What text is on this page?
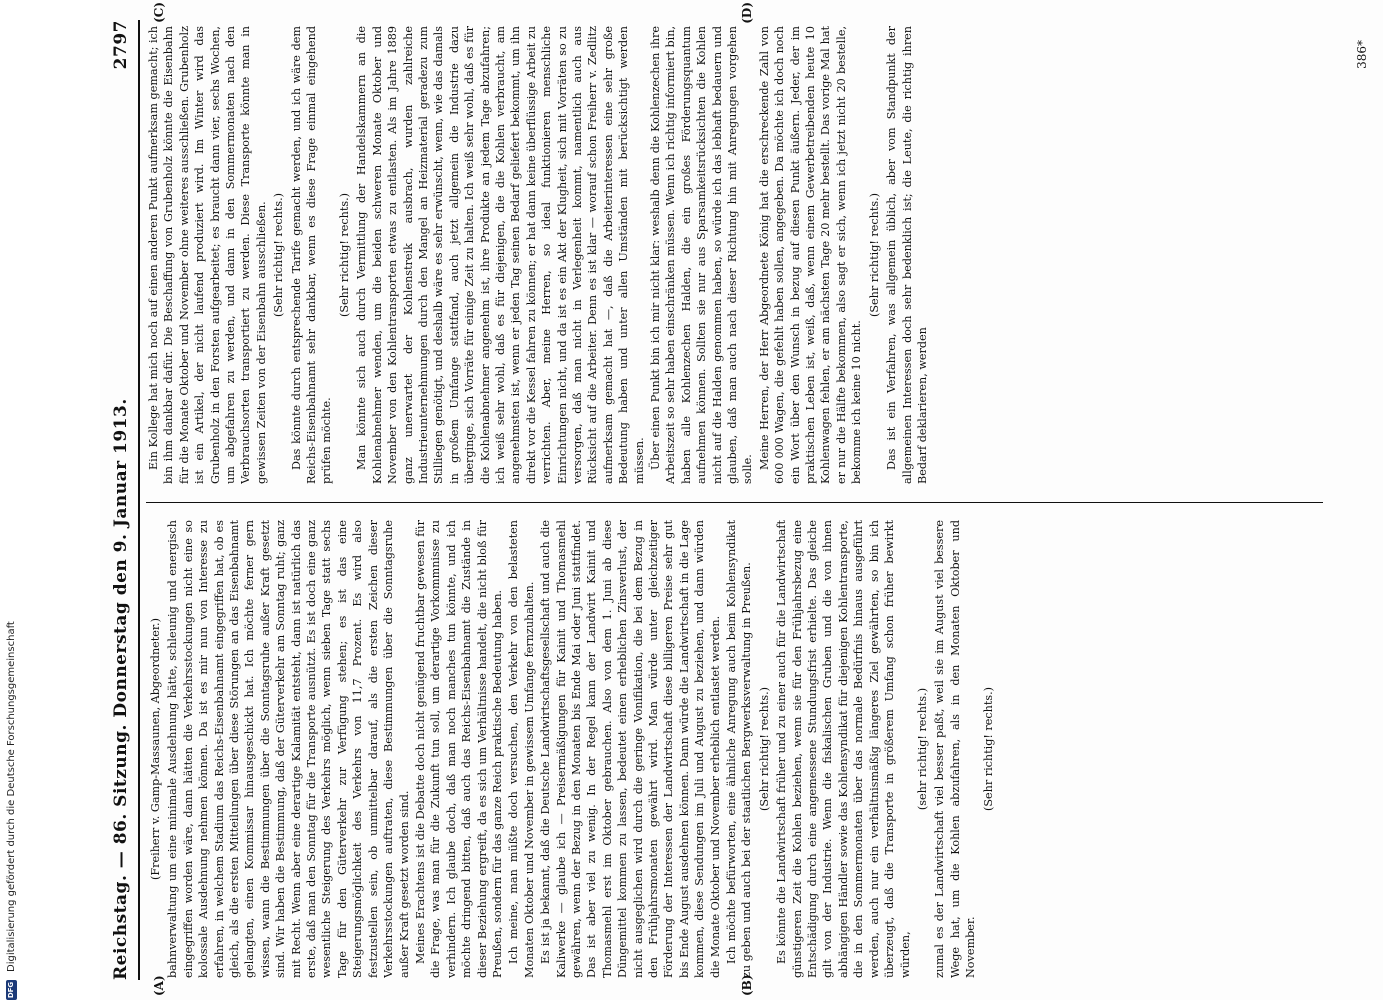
DFG
Digitalisierung gefördert durch die Deutsche Forschungsgemeinschaft	Reichstag. — 86. Sitzung. Donnerstag den 9. Januar 1913.
2797
(A)	(B)
(C)	(D)

(Freiherr v. Gamp-Massaunen, Abgeordneter.) bahnverwaltung um eine minimale Ausdehnung hätte, schleunig und energisch eingegriffen worden wäre, dann hätten die Verkehrsstockungen nicht eine so kolossale Ausdehnung nehmen können. Da ist es mir nun von Interesse zu erfahren, in welchem Stadium das Reichs-Eisenbahnamt eingegriffen hat, ob es gleich, als die ersten Mitteilungen über diese Störungen an das Eisenbahnamt gelangten, einen Kommissar hinausgeschickt hat. Ich möchte ferner gern wissen, wann die Bestimmungen über die Sonntagsruhe außer Kraft gesetzt sind. Wir haben die Bestimmung, daß der Güterverkehr am Sonntag ruht; ganz mit Recht. Wenn aber eine derartige Kalamität entsteht, dann ist natürlich das erste, daß man den Sonntag für die Transporte ausnützt. Es ist doch eine ganz wesentliche Steigerung des Verkehrs möglich, wenn sieben Tage statt sechs Tage für den Güterverkehr zur Verfügung stehen; es ist das eine Steigerungsmöglichkeit des Verkehrs von 11,7 Prozent. Es wird also festzustellen sein, ob unmittelbar darauf, als die ersten Zeichen dieser Verkehrsstockungen auftraten, diese Bestimmungen über die Sonntagsruhe außer Kraft gesetzt worden sind. Meines Erachtens ist die Debatte doch nicht genügend fruchtbar gewesen für die Frage, was man für die Zukunft tun soll, um derartige Vorkommnisse zu verhindern. Ich glaube doch, daß man noch manches tun könnte, und ich möchte dringend bitten, daß auch das Reichs-Eisenbahnamt die Zustände in dieser Beziehung ergreift, da es sich um Verhältnisse handelt, die nicht bloß für Preußen, sondern für das ganze Reich praktische Bedeutung haben. Ich meine, man müßte doch versuchen, den Verkehr von den belasteten Monaten Oktober und November in gewissem Umfange fernzuhalten. Es ist ja bekannt, daß die Deutsche Landwirtschaftsgesellschaft und auch die Kaliwerke — glaube ich — Preisermäßigungen für Kainit und Thomasmehl gewähren, wenn der Bezug in den Monaten bis Ende Mai oder Juni stattfindet. Das ist aber viel zu wenig. In der Regel kann der Landwirt Kainit und Thomasmehl erst im Oktober gebrauchen. Also von dem 1. Juni ab diese Düngemittel kommen zu lassen, bedeutet einen erheblichen Zinsverlust, der nicht ausgeglichen wird durch die geringe Vonifikation, die bei dem Bezug in den Frühjahrsmonaten gewährt wird. Man würde unter gleichzeitiger Förderung der Interessen der Landwirtschaft diese billigeren Preise sehr gut bis Ende August ausdehnen können. Dann würde die Landwirtschaft in die Lage kommen, diese Sendungen im Juli und August zu beziehen, und dann würden die Monate Oktober und November erheblich entlastet werden. Ich möchte befürworten, eine ähnliche Anregung auch beim Kohlensyndikat zu geben und auch bei der staatlichen Bergwerksverwaltung in Preußen. (Sehr richtig! rechts.) Es könnte die Landwirtschaft früher und zu einer auch für die Landwirtschaft günstigeren Zeit die Kohlen beziehen, wenn sie für den Frühjahrsbezug eine Entschädigung durch eine angemessene Stundungsfrist erhielte. Das gleiche gilt von der Industrie. Wenn die fiskalischen Gruben und die von ihnen abhängigen Händler sowie das Kohlensyndikat für diejenigen Kohlentransporte, die in den Sommermonaten über das normale Bedürfnis hinaus ausgeführt werden, auch nur ein verhältnismäßig längeres Ziel gewährten, so bin ich überzeugt, daß die Transporte in größerem Umfang schon früher bewirkt würden,

(sehr richtig! rechts.) zumal es der Landwirtschaft viel besser paßt, weil sie im August viel bessere Wege hat, um die Kohlen abzufahren, als in den Monaten Oktober und November.

(Sehr richtig! rechts.)

Ein Kollege hat mich noch auf einen anderen Punkt aufmerksam gemacht; ich bin ihm dankbar dafür. Die Beschaffung von Grubenholz könnte die Eisenbahn für die Monate Oktober und November ohne weiteres ausschließen. Grubenholz ist ein Artikel, der nicht laufend produziert wird. Im Winter wird das Grubenholz in den Forsten aufgearbeitet; es braucht dann vier, sechs Wochen, um abgefahren zu werden, und dann in den Sommermonaten nach den Verbrauchsorten transportiert zu werden. Diese Transporte könnte man in gewissen Zeiten von der Eisenbahn ausschließen. (Sehr richtig! rechts.) Das könnte durch entsprechende Tarife gemacht werden, und ich wäre dem Reichs-Eisenbahnamt sehr dankbar, wenn es diese Frage einmal eingehend prüfen möchte.

(Sehr richtig! rechts.) Man könnte sich auch durch Vermittlung der Handelskammern an die Kohlenabnehmer wenden, um die beiden schweren Monate Oktober und November von den Kohlentransporten etwas zu entlasten. Als im Jahre 1889 ganz unerwartet der Kohlenstreik ausbrach, wurden zahlreiche Industrieunternehmungen durch den Mangel an Heizmaterial geradezu zum Stilliegen genötigt, und deshalb wäre es sehr erwünscht, wenn, wie das damals in großem Umfange stattfand, auch jetzt allgemein die Industrie dazu überginge, sich Vorräte für einige Zeit zu halten. Ich weiß sehr wohl, daß es für die Kohlenabnehmer angenehm ist, ihre Produkte an jedem Tage abzufahren; ich weiß sehr wohl, daß es für diejenigen, die die Kohlen verbraucht, am angenehmsten ist, wenn er jeden Tag seinen Bedarf geliefert bekommt, um ihn direkt vor die Kessel fahren zu können; er hat dann keine überflüssige Arbeit zu verrichten. Aber, meine Herren, so ideal funktionieren menschliche Einrichtungen nicht, und da ist es ein Akt der Klugheit, sich mit Vorräten so zu versorgen, daß man nicht in Verlegenheit kommt, namentlich auch aus Rücksicht auf die Arbeiter. Denn es ist klar — worauf schon Freiherr v. Zedlitz aufmerksam gemacht hat —, daß die Arbeiterinteressen eine sehr große Bedeutung haben und unter allen Umständen mit berücksichtigt werden müssen. Über einen Punkt bin ich mir nicht klar: weshalb denn die Kohlenzechen ihre Arbeitszeit so sehr haben einschränken müssen. Wenn ich richtig informiert bin, haben alle Kohlenzechen Halden, die ein großes Förderungsquantum aufnehmen können. Sollten sie nur aus Sparsamkeitsrücksichten die Kohlen nicht auf die Halden genommen haben, so würde ich das lebhaft bedauern und glauben, daß man auch nach dieser Richtung hin mit Anregungen vorgehen solle. Meine Herren, der Herr Abgeordnete König hat die erschreckende Zahl von 600 000 Wagen, die gefehlt haben sollen, angegeben. Da möchte ich doch noch ein Wort über den Wunsch in bezug auf diesen Punkt äußern. Jeder, der im praktischen Leben ist, weiß, daß, wenn einem Gewerbetreibenden heute 10 Kohlenwagen fehlen, er am nächsten Tage 20 mehr bestellt. Das vorige Mal hat er nur die Hälfte bekommen, also sagt er sich, wenn ich jetzt nicht 20 bestelle, bekomme ich keine 10 nicht.

(Sehr richtig! rechts.) Das ist ein Verfahren, was allgemein üblich, aber vom Standpunkt der allgemeinen Interessen doch sehr bedenklich ist; die Leute, die richtig ihren Bedarf deklarieren, werden

386*
